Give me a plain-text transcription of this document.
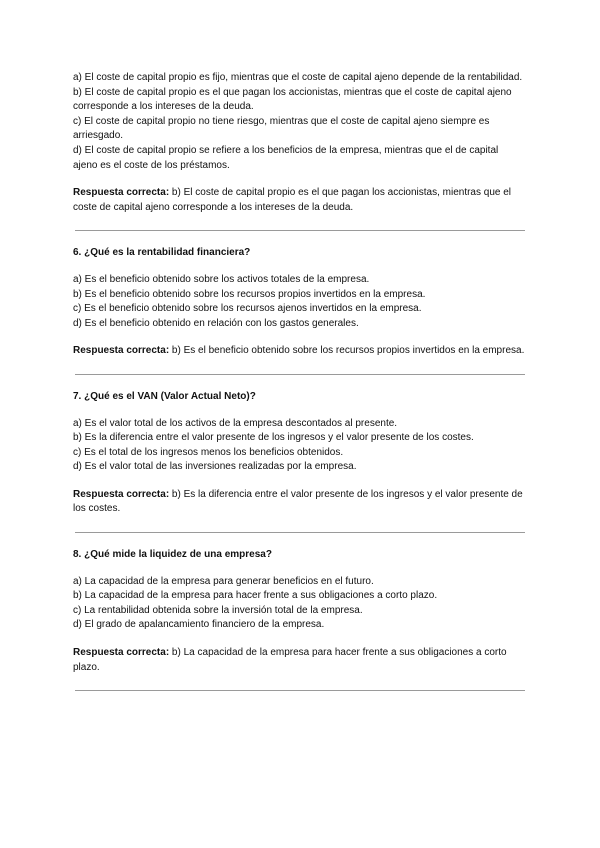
a) El coste de capital propio es fijo, mientras que el coste de capital ajeno depende de la rentabilidad.

b) El coste de capital propio es el que pagan los accionistas, mientras que el coste de capital ajeno corresponde a los intereses de la deuda.

c) El coste de capital propio no tiene riesgo, mientras que el coste de capital ajeno siempre es arriesgado.

d) El coste de capital propio se refiere a los beneficios de la empresa, mientras que el de capital ajeno es el coste de los préstamos.

Respuesta correcta: b) El coste de capital propio es el que pagan los accionistas, mientras que el coste de capital ajeno corresponde a los intereses de la deuda.

6. ¿Qué es la rentabilidad financiera?

a) Es el beneficio obtenido sobre los activos totales de la empresa.

b) Es el beneficio obtenido sobre los recursos propios invertidos en la empresa.

c) Es el beneficio obtenido sobre los recursos ajenos invertidos en la empresa.

d) Es el beneficio obtenido en relación con los gastos generales.

Respuesta correcta: b) Es el beneficio obtenido sobre los recursos propios invertidos en la empresa.

7. ¿Qué es el VAN (Valor Actual Neto)?

a) Es el valor total de los activos de la empresa descontados al presente.

b) Es la diferencia entre el valor presente de los ingresos y el valor presente de los costes.

c) Es el total de los ingresos menos los beneficios obtenidos.

d) Es el valor total de las inversiones realizadas por la empresa.

Respuesta correcta: b) Es la diferencia entre el valor presente de los ingresos y el valor presente de los costes.

8. ¿Qué mide la liquidez de una empresa?

a) La capacidad de la empresa para generar beneficios en el futuro.

b) La capacidad de la empresa para hacer frente a sus obligaciones a corto plazo.

c) La rentabilidad obtenida sobre la inversión total de la empresa.

d) El grado de apalancamiento financiero de la empresa.

Respuesta correcta: b) La capacidad de la empresa para hacer frente a sus obligaciones a corto plazo.
